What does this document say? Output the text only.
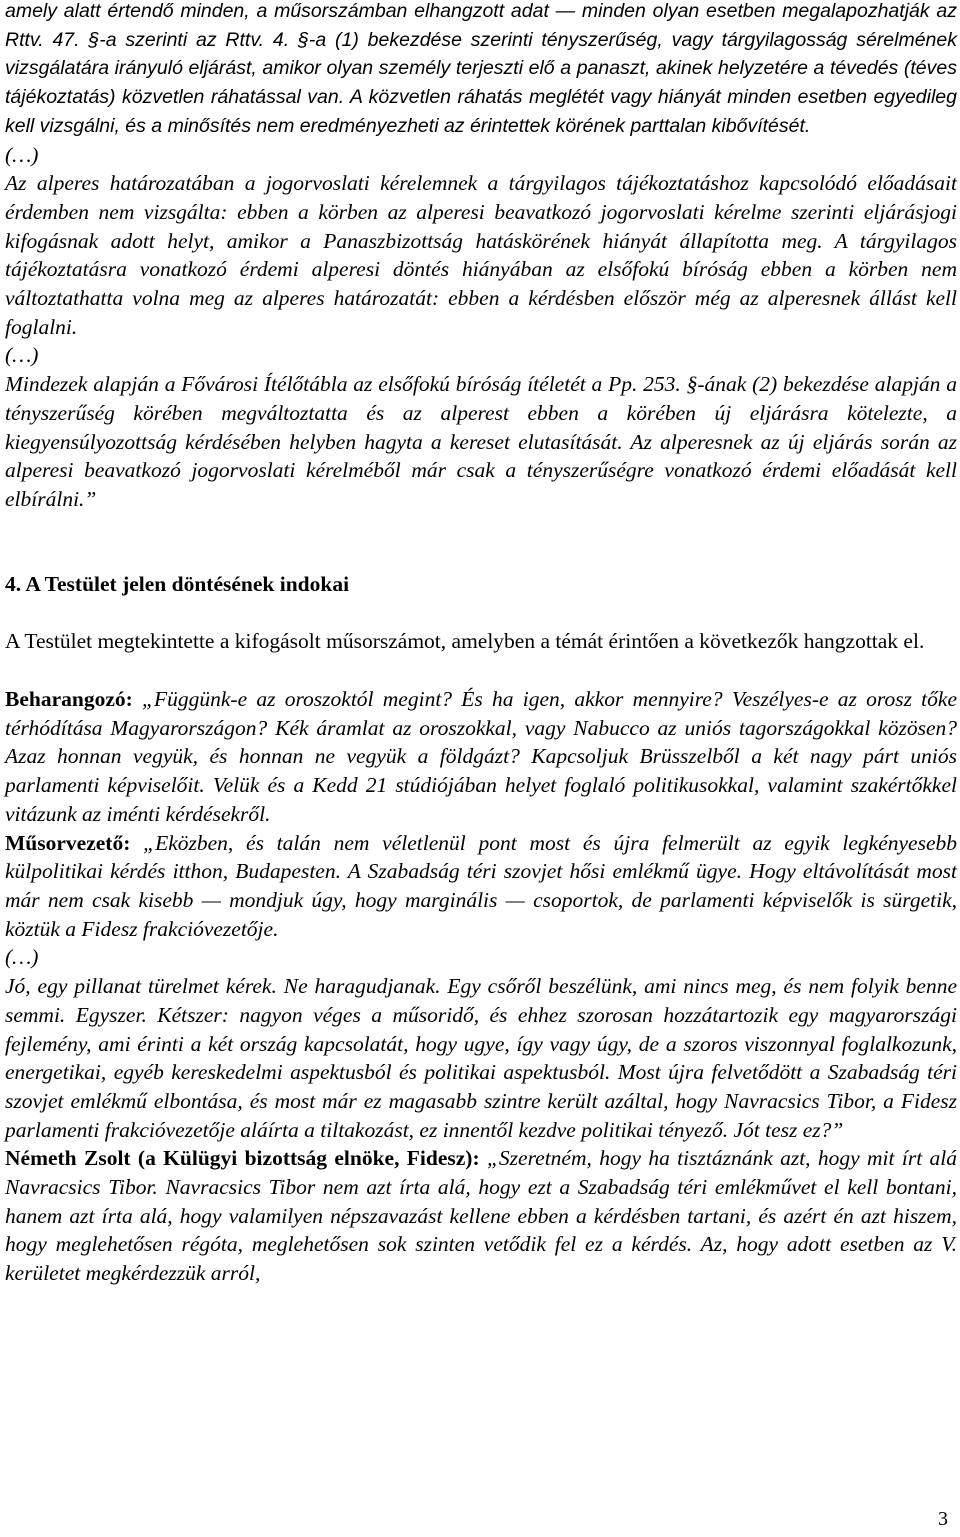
amely alatt értendő minden, a műsorszámban elhangzott adat — minden olyan esetben megalapozhatják az Rttv. 47. §-a szerinti az Rttv. 4. §-a (1) bekezdése szerinti tényszerűség, vagy tárgyilagosság sérelmének vizsgálatára irányuló eljárást, amikor olyan személy terjeszti elő a panaszt, akinek helyzetére a tévedés (téves tájékoztatás) közvetlen ráhatással van. A közvetlen ráhatás meglétét vagy hiányát minden esetben egyedileg kell vizsgálni, és a minősítés nem eredményezheti az érintettek körének parttalan kibővítését.

(…)

Az alperes határozatában a jogorvoslati kérelemnek a tárgyilagos tájékoztatáshoz kapcsolódó előadásait érdemben nem vizsgálta: ebben a körben az alperesi beavatkozó jogorvoslati kérelme szerinti eljárásjogi kifogásnak adott helyt, amikor a Panaszbizottság hatáskörének hiányát állapította meg. A tárgyilagos tájékoztatásra vonatkozó érdemi alperesi döntés hiányában az elsőfokú bíróság ebben a körben nem változtathatta volna meg az alperes határozatát: ebben a kérdésben először még az alperesnek állást kell foglalni.

(…)

Mindezek alapján a Fővárosi Ítélőtábla az elsőfokú bíróság ítéletét a Pp. 253. §-ának (2) bekezdése alapján a tényszerűség körében megváltoztatta és az alperest ebben a körében új eljárásra kötelezte, a kiegyensúlyozottság kérdésében helyben hagyta a kereset elutasítását. Az alperesnek az új eljárás során az alperesi beavatkozó jogorvoslati kérelméből már csak a tényszerűségre vonatkozó érdemi előadását kell elbírálni.”

4. A Testület jelen döntésének indokai

A Testület megtekintette a kifogásolt műsorszámot, amelyben a témát érintően a következők hangzottak el.

Beharangozó: „Függünk-e az oroszoktól megint? És ha igen, akkor mennyire? Veszélyes-e az orosz tőke térhódítása Magyarországon? Kék áramlat az oroszokkal, vagy Nabucco az uniós tagországokkal közösen? Azaz honnan vegyük, és honnan ne vegyük a földgázt? Kapcsoljuk Brüsszelből a két nagy párt uniós parlamenti képviselőit. Velük és a Kedd 21 stúdiójában helyet foglaló politikusokkal, valamint szakértőkkel vitázunk az iménti kérdésekről.

Műsorvezető: „Eközben, és talán nem véletlenül pont most és újra felmerült az egyik legkényesebb külpolitikai kérdés itthon, Budapesten. A Szabadság téri szovjet hősi emlékmű ügye. Hogy eltávolítását most már nem csak kisebb — mondjuk úgy, hogy marginális — csoportok, de parlamenti képviselők is sürgetik, köztük a Fidesz frakcióvezetője.

(…)

Jó, egy pillanat türelmet kérek. Ne haragudjanak. Egy csőről beszélünk, ami nincs meg, és nem folyik benne semmi. Egyszer. Kétszer: nagyon véges a műsoridő, és ehhez szorosan hozzátartozik egy magyarországi fejlemény, ami érinti a két ország kapcsolatát, hogy ugye, így vagy úgy, de a szoros viszonnyal foglalkozunk, energetikai, egyéb kereskedelmi aspektusból és politikai aspektusból. Most újra felvetődött a Szabadság téri szovjet emlékmű elbontása, és most már ez magasabb szintre került azáltal, hogy Navracsics Tibor, a Fidesz parlamenti frakcióvezetője aláírta a tiltakozást, ez innentől kezdve politikai tényező. Jót tesz ez?”

Németh Zsolt (a Külügyi bizottság elnöke, Fidesz): „Szeretném, hogy ha tisztáznánk azt, hogy mit írt alá Navracsics Tibor. Navracsics Tibor nem azt írta alá, hogy ezt a Szabadság téri emlékművet el kell bontani, hanem azt írta alá, hogy valamilyen népszavazást kellene ebben a kérdésben tartani, és azért én azt hiszem, hogy meglehetősen régóta, meglehetősen sok szinten vetődik fel ez a kérdés. Az, hogy adott esetben az V. kerületet megkérdezzük arról,

3
